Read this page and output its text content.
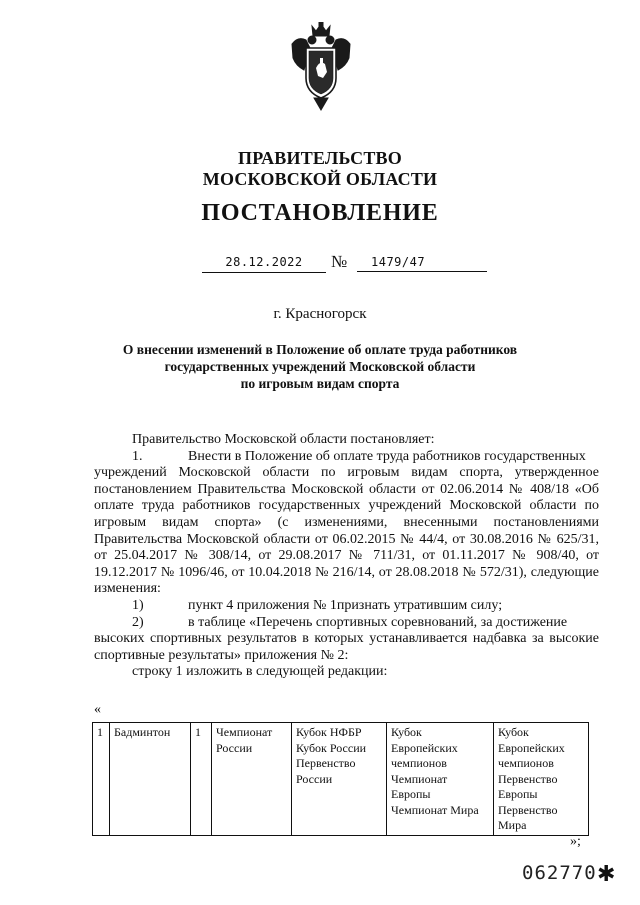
ПРАВИТЕЛЬСТВО
МОСКОВСКОЙ ОБЛАСТИ
ПОСТАНОВЛЕНИЕ
28.12.2022	№	1479/47
г. Красногорск
О внесении изменений в Положение об оплате труда работников
государственных учреждений Московской области
по игровым видам спорта

Правительство Московской области постановляет:

1.	Внести в Положение об оплате труда работников государственных

учреждений Московской области по игровым видам спорта, утвержденное постановлением Правительства Московской области от 02.06.2014 № 408/18 «Об оплате труда работников государственных учреждений Московской области по игровым видам спорта» (с изменениями, внесенными постановлениями Правительства Московской области от 06.02.2015 № 44/4, от 30.08.2016 № 625/31, от 25.04.2017 № 308/14, от 29.08.2017 № 711/31, от 01.11.2017 № 908/40, от 19.12.2017 № 1096/46, от 10.04.2018 № 216/14, от 28.08.2018 № 572/31), следующие изменения:

1)	пункт 4 приложения № 1признать утратившим силу;

2)	в таблице «Перечень спортивных соревнований, за достижение

высоких спортивных результатов в которых устанавливается надбавка за высокие спортивные результаты» приложения № 2:

строку 1 изложить в следующей редакции:

«
1	Бадминтон	1	Чемпионат России	Кубок НФБР Кубок России Первенство России	Кубок Европейских чемпионов Чемпионат Европы Чемпионат Мира	Кубок Европейских чемпионов Первенство Европы Первенство Мира
»;
062770 ✱
